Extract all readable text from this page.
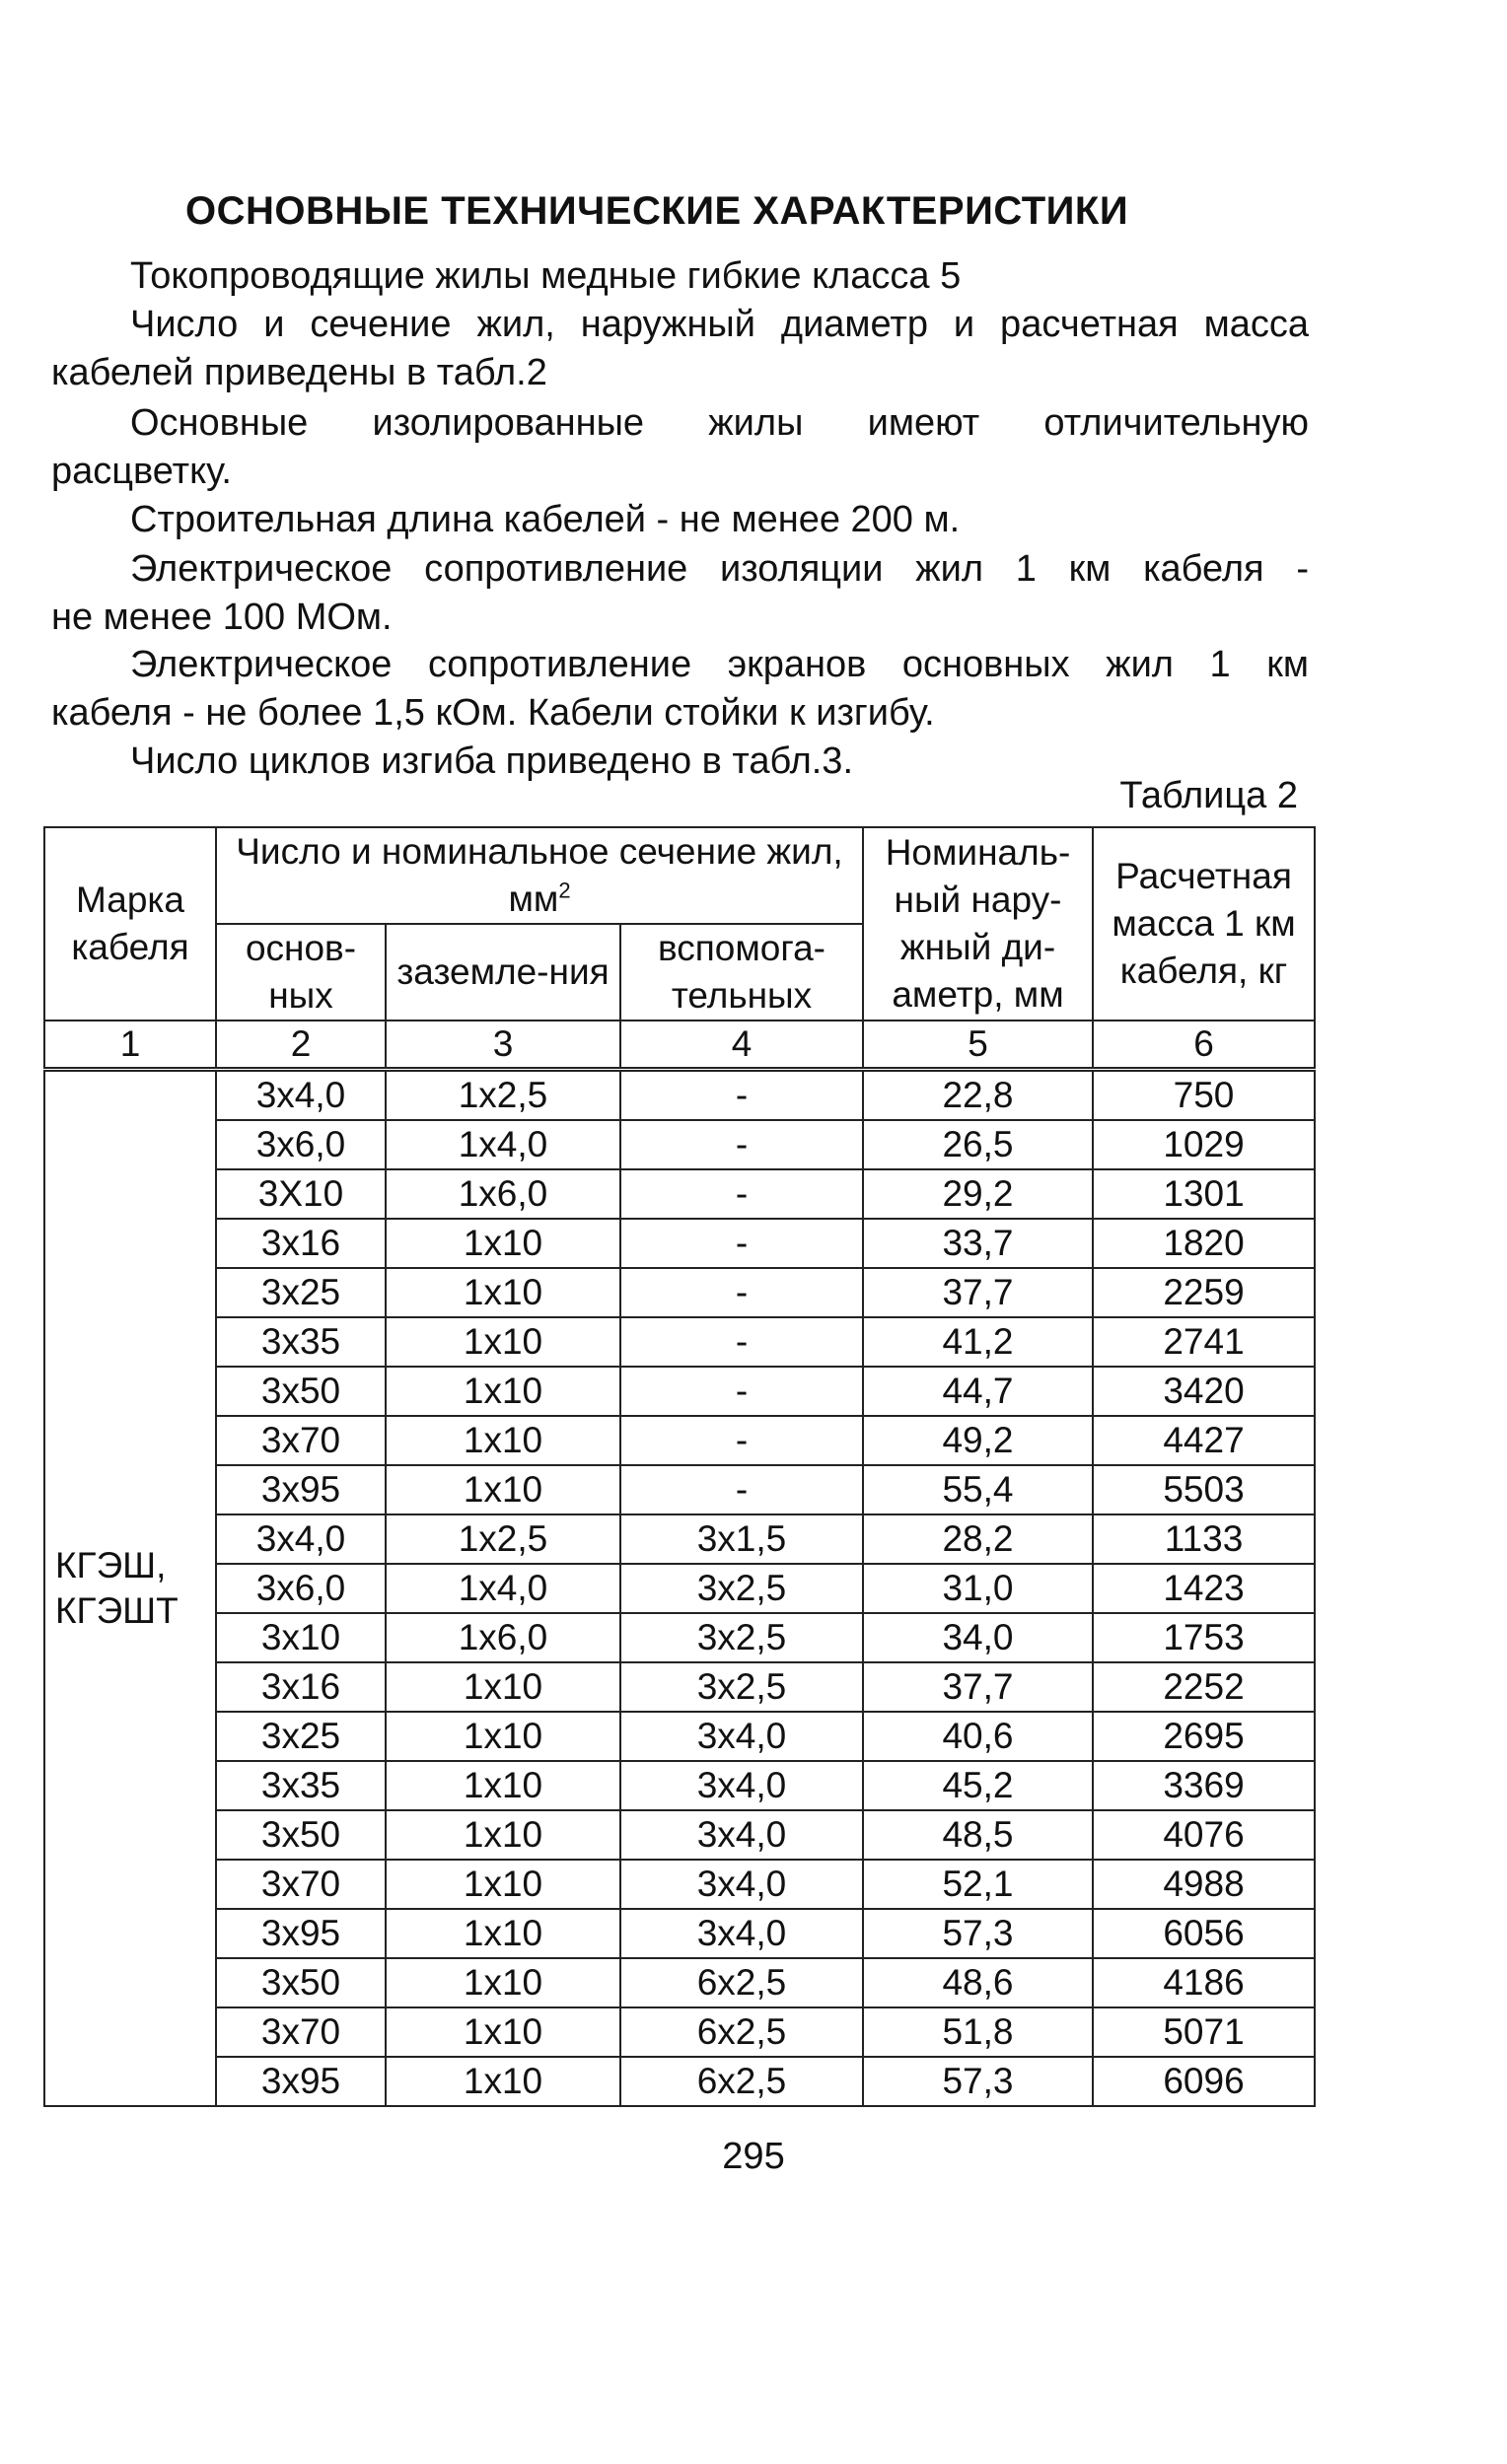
ОСНОВНЫЕ ТЕХНИЧЕСКИЕ ХАРАКТЕРИСТИКИ
Токопроводящие жилы медные гибкие класса 5
Число и сечение жил, наружный диаметр и расчетная масса
кабелей приведены в табл.2
Основные изолированные жилы имеют отличительную
расцветку.
Строительная длина кабелей - не менее 200 м.
Электрическое сопротивление изоляции жил 1 км кабеля -
не менее 100 МОм.
Электрическое сопротивление экранов основных жил 1 км
кабеля - не более 1,5 кОм. Кабели стойки к изгибу.
Число циклов изгиба приведено в табл.3.

Таблица 2

Марка кабеля	Число и номинальное сечение жил, $мм^2$			Номиналь-ный нару-жный ди-аметр, мм	Расчетная масса 1 км кабеля, кг
	основ-ных	заземле-ния	вспомога-тельных		
1	2	3	4	5	6
КГЭШ, КГЭШТ	3х4,0	1х2,5	-	22,8	750
	3х6,0	1х4,0	-	26,5	1029
	3Х10	1х6,0	-	29,2	1301
	3х16	1х10	-	33,7	1820
	3х25	1х10	-	37,7	2259
	3х35	1х10	-	41,2	2741
	3х50	1х10	-	44,7	3420
	3х70	1х10	-	49,2	4427
	3х95	1х10	-	55,4	5503
	3х4,0	1х2,5	3х1,5	28,2	1133
	3х6,0	1х4,0	3х2,5	31,0	1423
	3х10	1х6,0	3х2,5	34,0	1753
	3х16	1х10	3х2,5	37,7	2252
	3х25	1х10	3х4,0	40,6	2695
	3х35	1х10	3х4,0	45,2	3369
	3х50	1х10	3х4,0	48,5	4076
	3х70	1х10	3х4,0	52,1	4988
	3х95	1х10	3х4,0	57,3	6056
	3х50	1х10	6х2,5	48,6	4186
	3х70	1х10	6х2,5	51,8	5071
	3х95	1х10	6х2,5	57,3	6096

295
